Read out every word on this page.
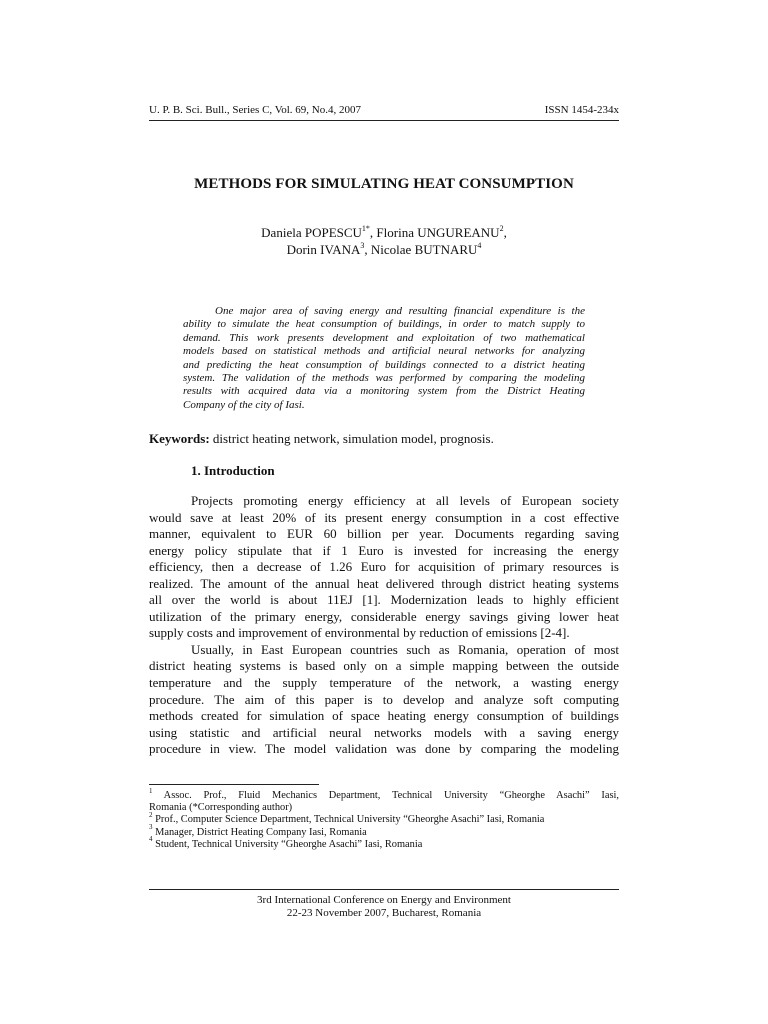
U. P. B. Sci. Bull., Series C, Vol. 69, No.4, 2007	ISSN 1454-234x
METHODS FOR SIMULATING HEAT CONSUMPTION
Daniela $POPESCU^{1*}$, Florina UNGUREANU$^2$,
Dorin IVANA$^3$, Nicolae BUTNARU$^4$
One major area of saving energy and resulting financial expenditure is the
ability to simulate the heat consumption of buildings, in order to match supply to
demand. This work presents development and exploitation of two mathematical
models based on statistical methods and artificial neural networks for analyzing
and predicting the heat consumption of buildings connected to a district heating
system. The validation of the methods was performed by comparing the modeling
results with acquired data via a monitoring system from the District Heating
Company of the city of Iasi.
Keywords: district heating network, simulation model, prognosis.
1. Introduction
Projects promoting energy efficiency at all levels of European society
would save at least 20% of its present energy consumption in a cost effective
manner, equivalent to EUR 60 billion per year. Documents regarding saving
energy policy stipulate that if 1 Euro is invested for increasing the energy
efficiency, then a decrease of 1.26 Euro for acquisition of primary resources is
realized. The amount of the annual heat delivered through district heating systems
all over the world is about 11EJ [1]. Modernization leads to highly efficient
utilization of the primary energy, considerable energy savings giving lower heat
supply costs and improvement of environmental by reduction of emissions [2-4].
Usually, in East European countries such as Romania, operation of most
district heating systems is based only on a simple mapping between the outside
temperature and the supply temperature of the network, a wasting energy
procedure. The aim of this paper is to develop and analyze soft computing
methods created for simulation of space heating energy consumption of buildings
using statistic and artificial neural networks models with a saving energy
procedure in view. The model validation was done by comparing the modeling
$^1$ Assoc. Prof., Fluid Mechanics Department, Technical University “Gheorghe Asachi” Iasi,
Romania (*Corresponding author)
$^2$ Prof., Computer Science Department, Technical University “Gheorghe Asachi” Iasi, Romania
$^3$ Manager, District Heating Company Iasi, Romania
$^4$ Student, Technical University “Gheorghe Asachi” Iasi, Romania
3rd International Conference on Energy and Environment
22-23 November 2007, Bucharest, Romania
